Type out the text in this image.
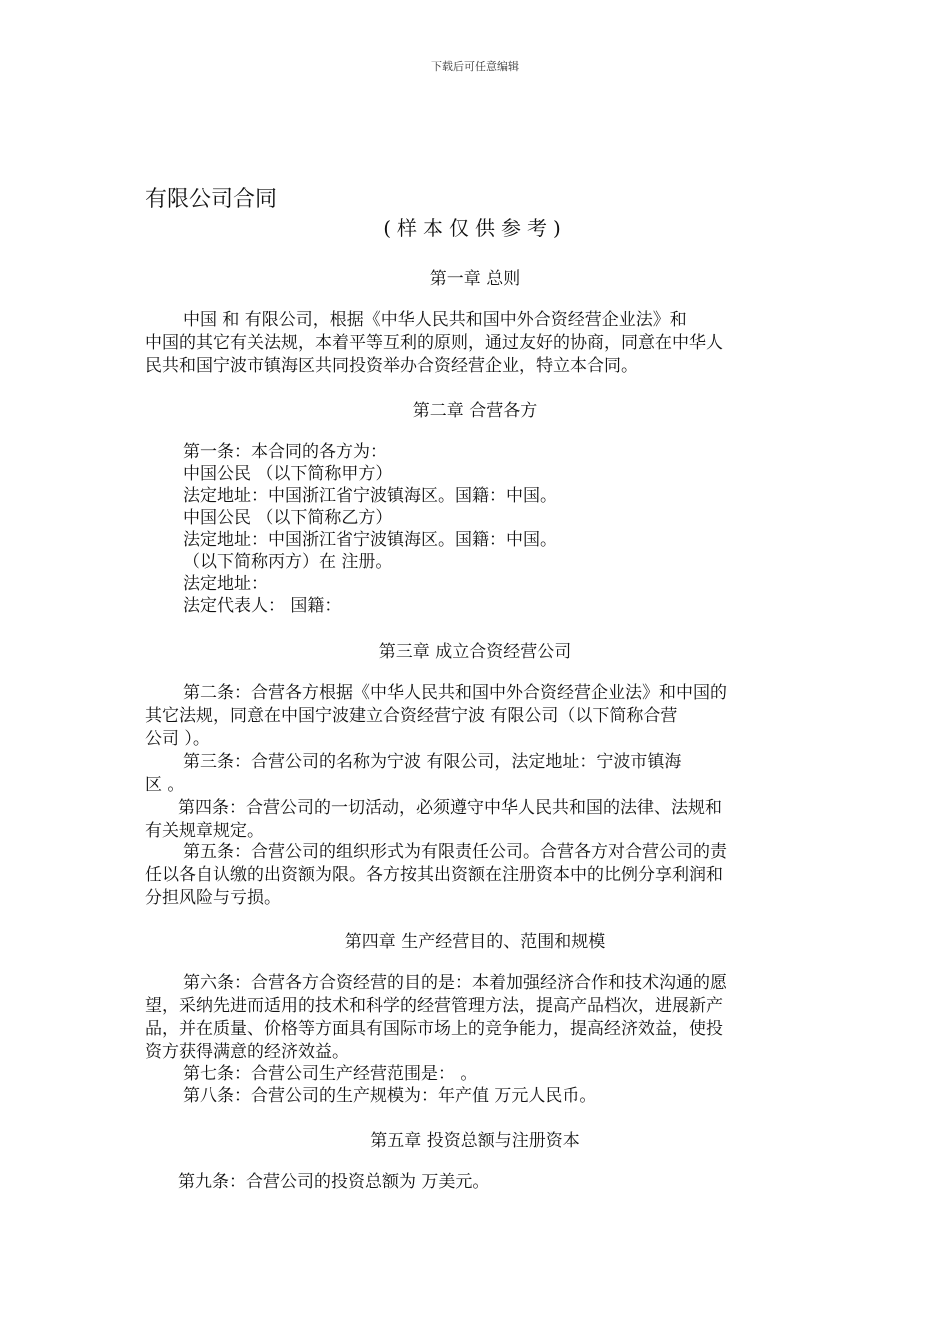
下载后可任意编辑
有限公司合同
(样本仅供参考)
第一章 总则
中国 和 有限公司，根据《中华人民共和国中外合资经营企业法》和
中国的其它有关法规，本着平等互利的原则，通过友好的协商，同意在中华人
民共和国宁波市镇海区共同投资举办合资经营企业，特立本合同。
第二章 合营各方
第一条：本合同的各方为：
中国公民 （以下简称甲方）
法定地址：中国浙江省宁波镇海区。国籍：中国。
中国公民 （以下简称乙方）
法定地址：中国浙江省宁波镇海区。国籍：中国。
（以下简称丙方）在 注册。
法定地址：
法定代表人： 国籍：
第三章 成立合资经营公司
第二条：合营各方根据《中华人民共和国中外合资经营企业法》和中国的
其它法规，同意在中国宁波建立合资经营宁波 有限公司（以下简称合营
公司 ）。
第三条：合营公司的名称为宁波 有限公司，法定地址：宁波市镇海
区 。
第四条：合营公司的一切活动，必须遵守中华人民共和国的法律、法规和
有关规章规定。
第五条：合营公司的组织形式为有限责任公司。合营各方对合营公司的责
任以各自认缴的出资额为限。各方按其出资额在注册资本中的比例分享利润和
分担风险与亏损。
第四章 生产经营目的、范围和规模
第六条：合营各方合资经营的目的是：本着加强经济合作和技术沟通的愿
望，采纳先进而适用的技术和科学的经营管理方法，提高产品档次，进展新产
品，并在质量、价格等方面具有国际市场上的竞争能力，提高经济效益，使投
资方获得满意的经济效益。
第七条：合营公司生产经营范围是： 。
第八条：合营公司的生产规模为：年产值 万元人民币。
第五章 投资总额与注册资本
第九条：合营公司的投资总额为 万美元。
